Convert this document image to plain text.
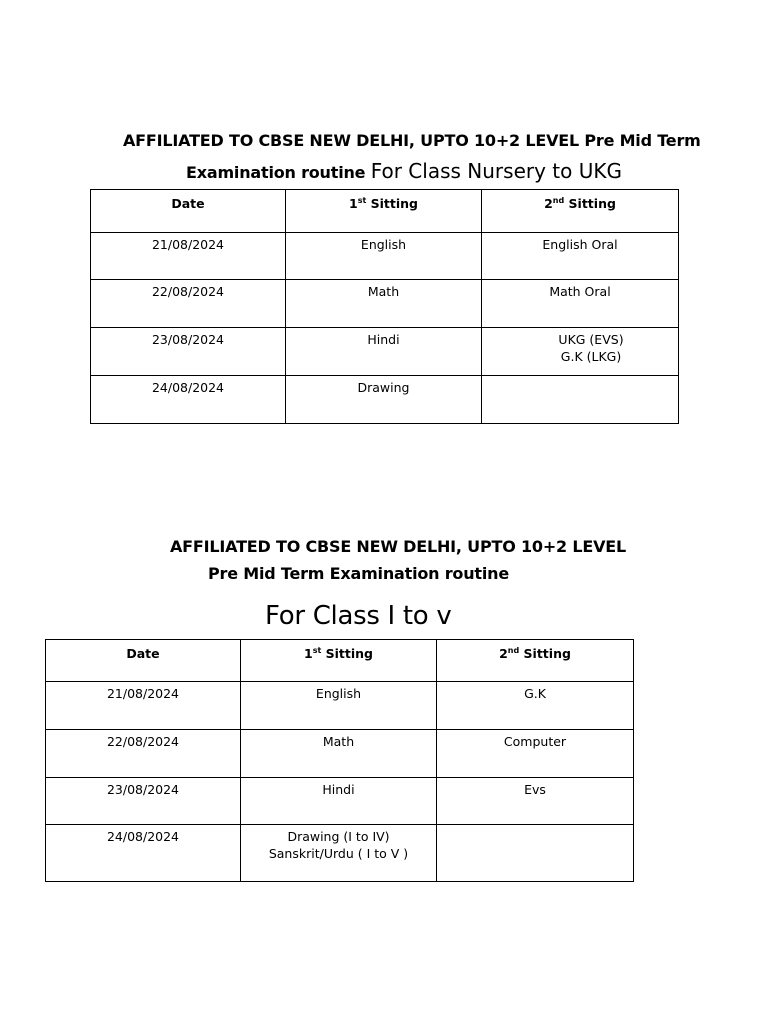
AFFILIATED TO CBSE NEW DELHI, UPTO 10+2 LEVEL Pre Mid Term
Examination routine For Class Nursery to UKG
Date	1st Sitting	2nd Sitting
21/08/2024	English	English Oral
22/08/2024	Math	Math Oral
23/08/2024	Hindi	UKG (EVS)
G.K (LKG)

24/08/2024	Drawing	
AFFILIATED TO CBSE NEW DELHI, UPTO 10+2 LEVEL
Pre Mid Term Examination routine
For Class I to v
Date	1st Sitting	2nd Sitting
21/08/2024	English	G.K
22/08/2024	Math	Computer
23/08/2024	Hindi	Evs
24/08/2024	Drawing (I to IV)
Sanskrit/Urdu ( I to V )	
